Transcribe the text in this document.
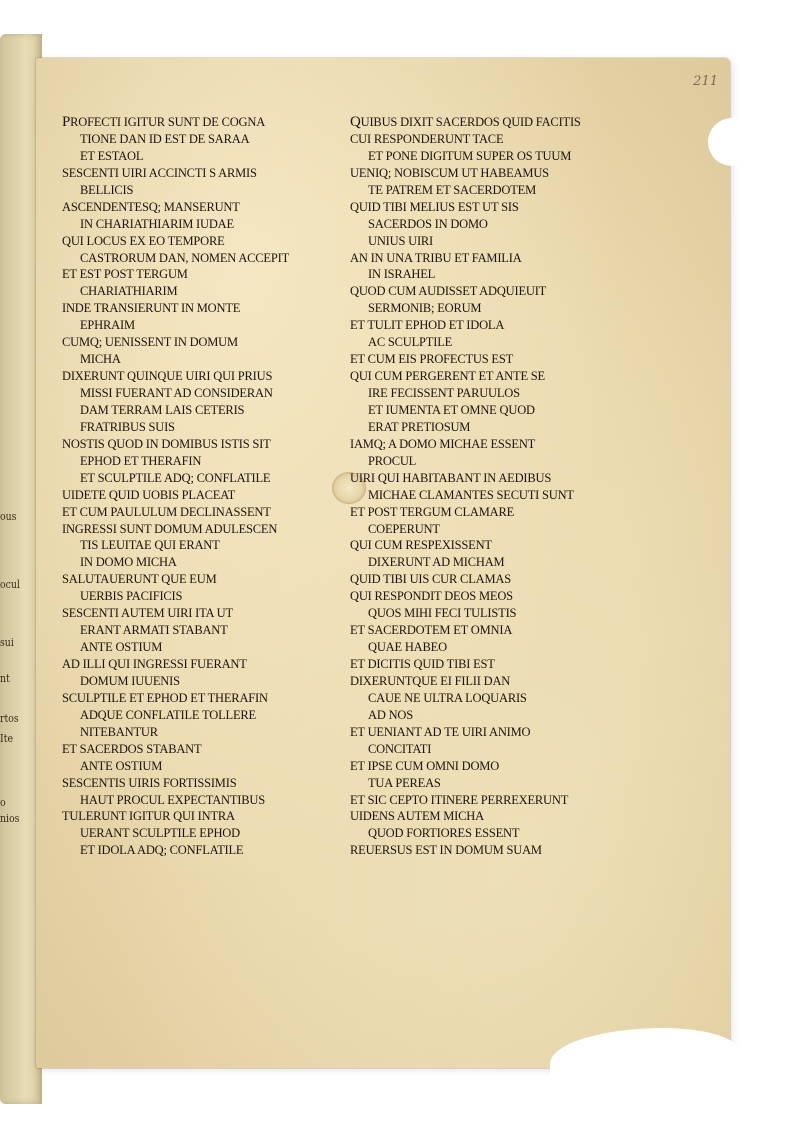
ous
ocul
sui
nt
rtos
Ite
o
nios
211
PROFECTI IGITUR SUNT DE COGNA
TIONE DAN ID EST DE SARAA
ET ESTAOL
SESCENTI UIRI ACCINCTI S ARMIS
BELLICIS
ASCENDENTESQ; MANSERUNT
IN CHARIATHIARIM IUDAE
QUI LOCUS EX EO TEMPORE
CASTRORUM DAN, NOMEN ACCEPIT
ET EST POST TERGUM
CHARIATHIARIM
INDE TRANSIERUNT IN MONTE
EPHRAIM
CUMQ; UENISSENT IN DOMUM
MICHA
DIXERUNT QUINQUE UIRI QUI PRIUS
MISSI FUERANT AD CONSIDERAN
DAM TERRAM LAIS CETERIS
FRATRIBUS SUIS
NOSTIS QUOD IN DOMIBUS ISTIS SIT
EPHOD ET THERAFIN
ET SCULPTILE ADQ; CONFLATILE
UIDETE QUID UOBIS PLACEAT
ET CUM PAULULUM DECLINASSENT
INGRESSI SUNT DOMUM ADULESCEN
TIS LEUITAE QUI ERANT
IN DOMO MICHA
SALUTAUERUNT QUE EUM
UERBIS PACIFICIS
SESCENTI AUTEM UIRI ITA UT
ERANT ARMATI STABANT
ANTE OSTIUM
AD ILLI QUI INGRESSI FUERANT
DOMUM IUUENIS
SCULPTILE ET EPHOD ET THERAFIN
ADQUE CONFLATILE TOLLERE
NITEBANTUR
ET SACERDOS STABANT
ANTE OSTIUM
SESCENTIS UIRIS FORTISSIMIS
HAUT PROCUL EXPECTANTIBUS
TULERUNT IGITUR QUI INTRA
UERANT SCULPTILE EPHOD
ET IDOLA ADQ; CONFLATILE
QUIBUS DIXIT SACERDOS QUID FACITIS
CUI RESPONDERUNT TACE
ET PONE DIGITUM SUPER OS TUUM
UENIQ; NOBISCUM UT HABEAMUS
TE PATREM ET SACERDOTEM
QUID TIBI MELIUS EST UT SIS
SACERDOS IN DOMO
UNIUS UIRI
AN IN UNA TRIBU ET FAMILIA
IN ISRAHEL
QUOD CUM AUDISSET ADQUIEUIT
SERMONIB; EORUM
ET TULIT EPHOD ET IDOLA
AC SCULPTILE
ET CUM EIS PROFECTUS EST
QUI CUM PERGERENT ET ANTE SE
IRE FECISSENT PARUULOS
ET IUMENTA ET OMNE QUOD
ERAT PRETIOSUM
IAMQ; A DOMO MICHAE ESSENT
PROCUL
UIRI QUI HABITABANT IN AEDIBUS
MICHAE CLAMANTES SECUTI SUNT
ET POST TERGUM CLAMARE
COEPERUNT
QUI CUM RESPEXISSENT
DIXERUNT AD MICHAM
QUID TIBI UIS CUR CLAMAS
QUI RESPONDIT DEOS MEOS
QUOS MIHI FECI TULISTIS
ET SACERDOTEM ET OMNIA
QUAE HABEO
ET DICITIS QUID TIBI EST
DIXERUNTQUE EI FILII DAN
CAUE NE ULTRA LOQUARIS
AD NOS
ET UENIANT AD TE UIRI ANIMO
CONCITATI
ET IPSE CUM OMNI DOMO
TUA PEREAS
ET SIC CEPTO ITINERE PERREXERUNT
UIDENS AUTEM MICHA
QUOD FORTIORES ESSENT
REUERSUS EST IN DOMUM SUAM
